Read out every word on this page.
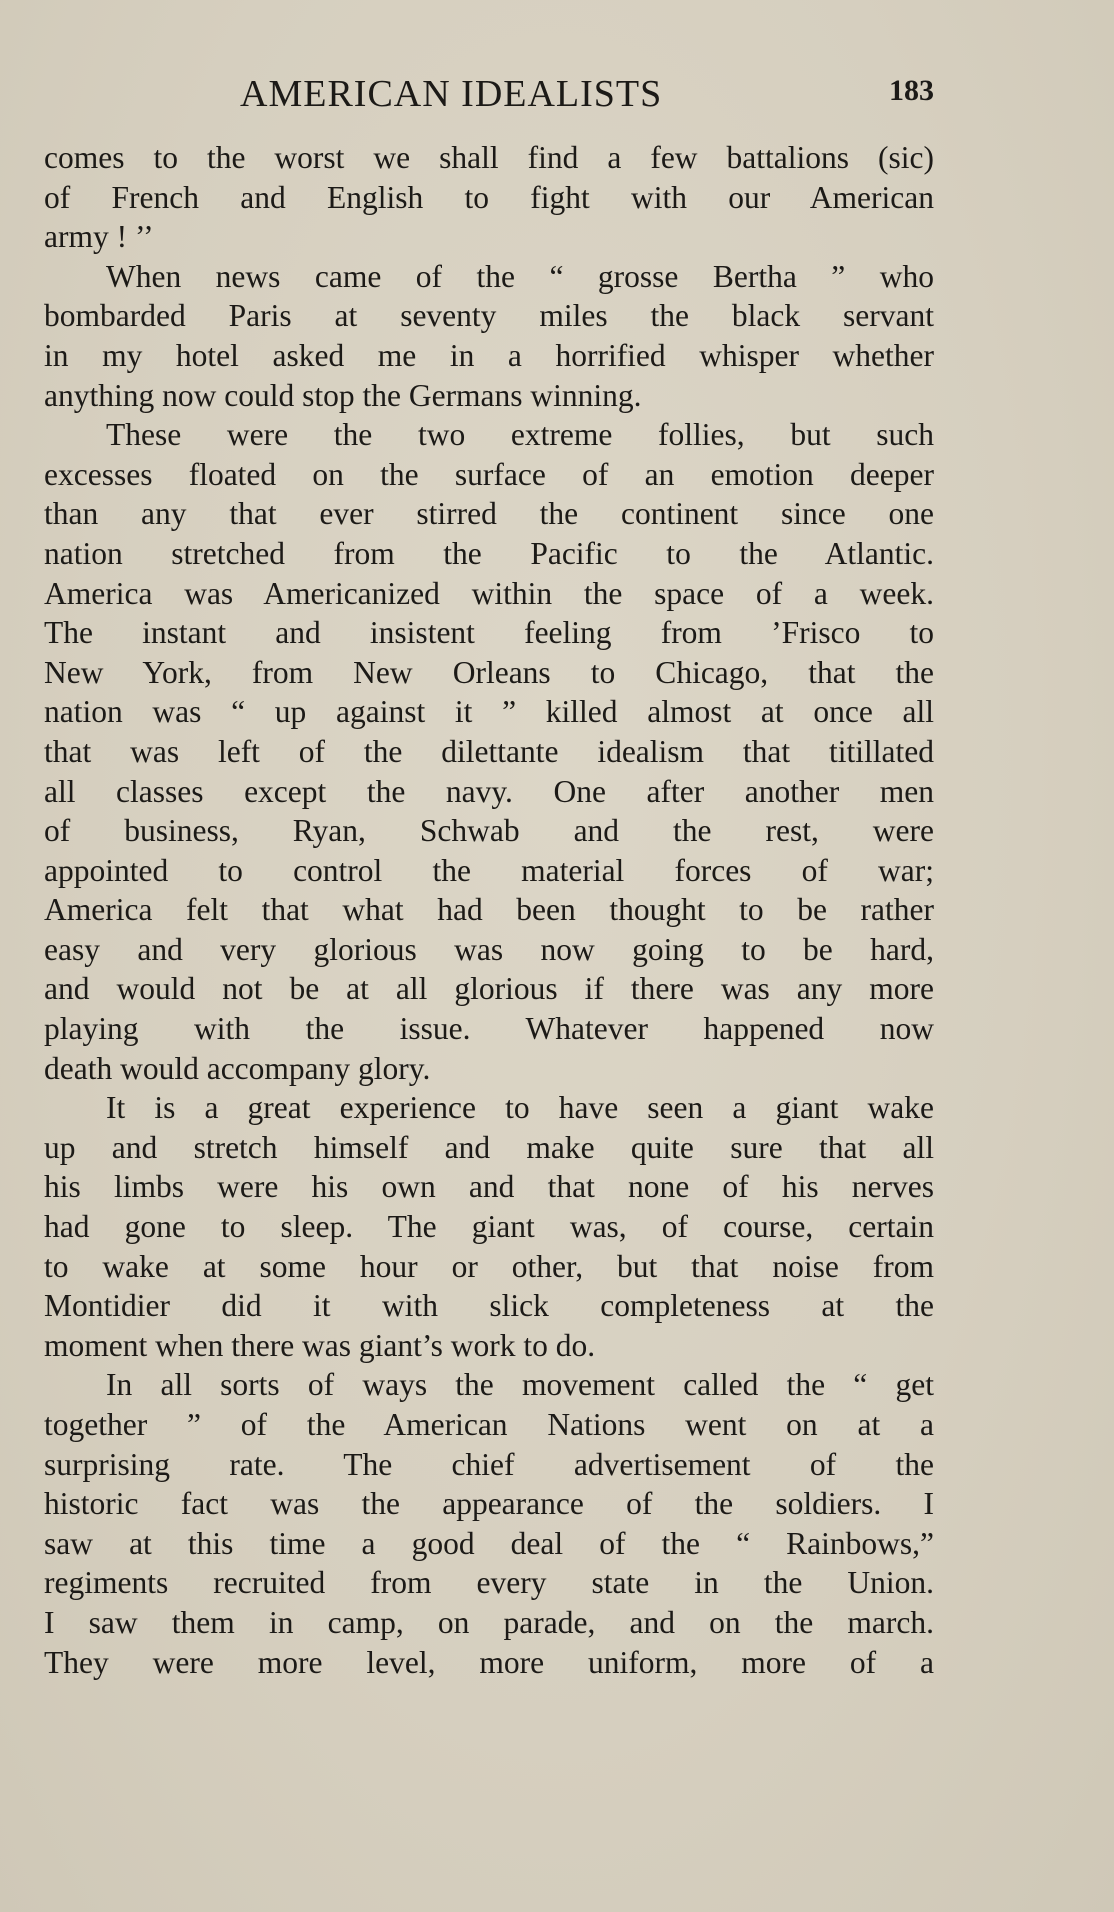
AMERICAN IDEALISTS	183
comes to the worst we shall find a few battalions (sic)
of French and English to fight with our American
army ! ’’
When news came of the “ grosse Bertha ” who
bombarded Paris at seventy miles the black servant
in my hotel asked me in a horrified whisper whether
anything now could stop the Germans winning.
These were the two extreme follies, but such
excesses floated on the surface of an emotion deeper
than any that ever stirred the continent since one
nation stretched from the Pacific to the Atlantic.
America was Americanized within the space of a week.
The instant and insistent feeling from ’Frisco to
New York, from New Orleans to Chicago, that the
nation was “ up against it ” killed almost at once all
that was left of the dilettante idealism that titillated
all classes except the navy. One after another men
of business, Ryan, Schwab and the rest, were
appointed to control the material forces of war;
America felt that what had been thought to be rather
easy and very glorious was now going to be hard,
and would not be at all glorious if there was any more
playing with the issue. Whatever happened now
death would accompany glory.
It is a great experience to have seen a giant wake
up and stretch himself and make quite sure that all
his limbs were his own and that none of his nerves
had gone to sleep. The giant was, of course, certain
to wake at some hour or other, but that noise from
Montidier did it with slick completeness at the
moment when there was giant’s work to do.
In all sorts of ways the movement called the “ get
together ” of the American Nations went on at a
surprising rate. The chief advertisement of the
historic fact was the appearance of the soldiers. I
saw at this time a good deal of the “ Rainbows,”
regiments recruited from every state in the Union.
I saw them in camp, on parade, and on the march.
They were more level, more uniform, more of a
